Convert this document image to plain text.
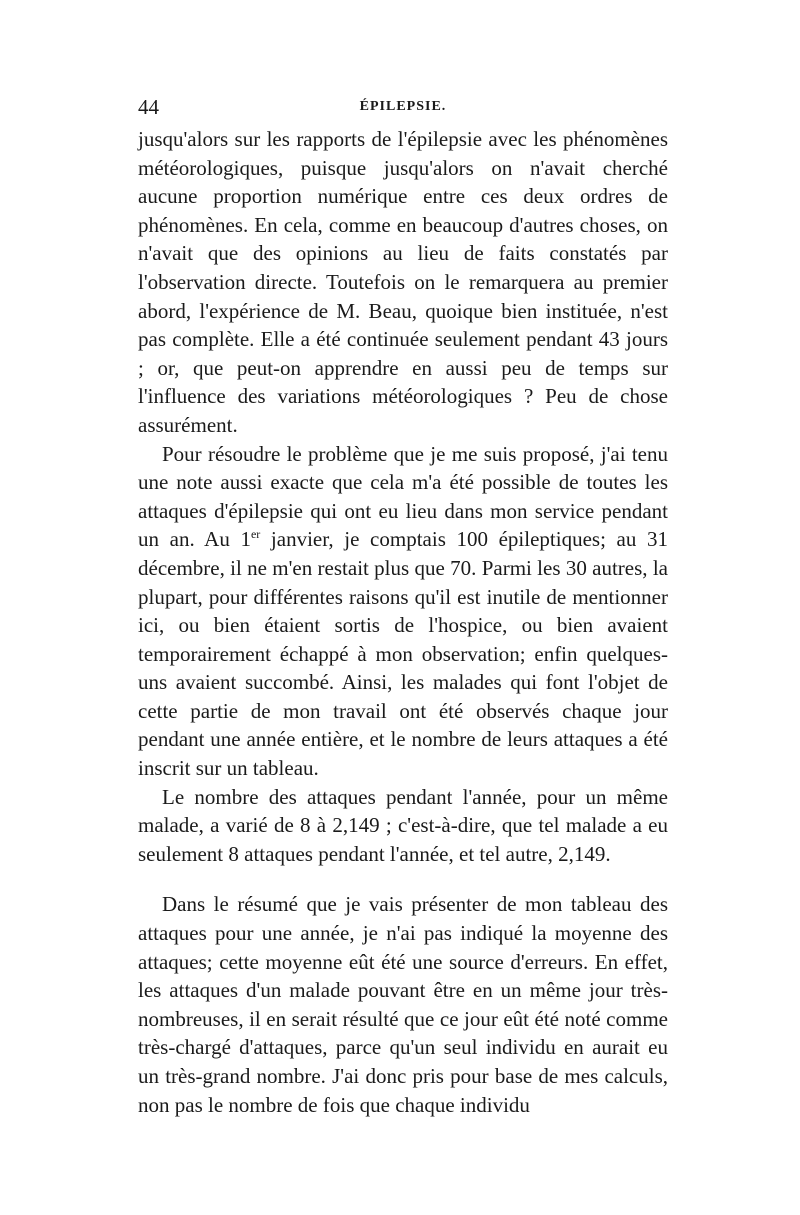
44	ÉPILEPSIE.

jusqu'alors sur les rapports de l'épilepsie avec les phénomènes météorologiques, puisque jusqu'alors on n'avait cherché aucune proportion numérique entre ces deux ordres de phénomènes. En cela, comme en beaucoup d'autres choses, on n'avait que des opinions au lieu de faits constatés par l'observation directe. Toutefois on le remarquera au premier abord, l'expérience de M. Beau, quoique bien instituée, n'est pas complète. Elle a été continuée seulement pendant 43 jours ; or, que peut-on apprendre en aussi peu de temps sur l'influence des variations météorologiques ? Peu de chose assurément.

Pour résoudre le problème que je me suis proposé, j'ai tenu une note aussi exacte que cela m'a été possible de toutes les attaques d'épilepsie qui ont eu lieu dans mon service pendant un an. Au 1er janvier, je comptais 100 épileptiques; au 31 décembre, il ne m'en restait plus que 70. Parmi les 30 autres, la plupart, pour différentes raisons qu'il est inutile de mentionner ici, ou bien étaient sortis de l'hospice, ou bien avaient temporairement échappé à mon observation; enfin quelques-uns avaient succombé. Ainsi, les malades qui font l'objet de cette partie de mon travail ont été observés chaque jour pendant une année entière, et le nombre de leurs attaques a été inscrit sur un tableau.

Le nombre des attaques pendant l'année, pour un même malade, a varié de 8 à 2,149 ; c'est-à-dire, que tel malade a eu seulement 8 attaques pendant l'année, et tel autre, 2,149.

Dans le résumé que je vais présenter de mon tableau des attaques pour une année, je n'ai pas indiqué la moyenne des attaques; cette moyenne eût été une source d'erreurs. En effet, les attaques d'un malade pouvant être en un même jour très-nombreuses, il en serait résulté que ce jour eût été noté comme très-chargé d'attaques, parce qu'un seul individu en aurait eu un très-grand nombre. J'ai donc pris pour base de mes calculs, non pas le nombre de fois que chaque individu
